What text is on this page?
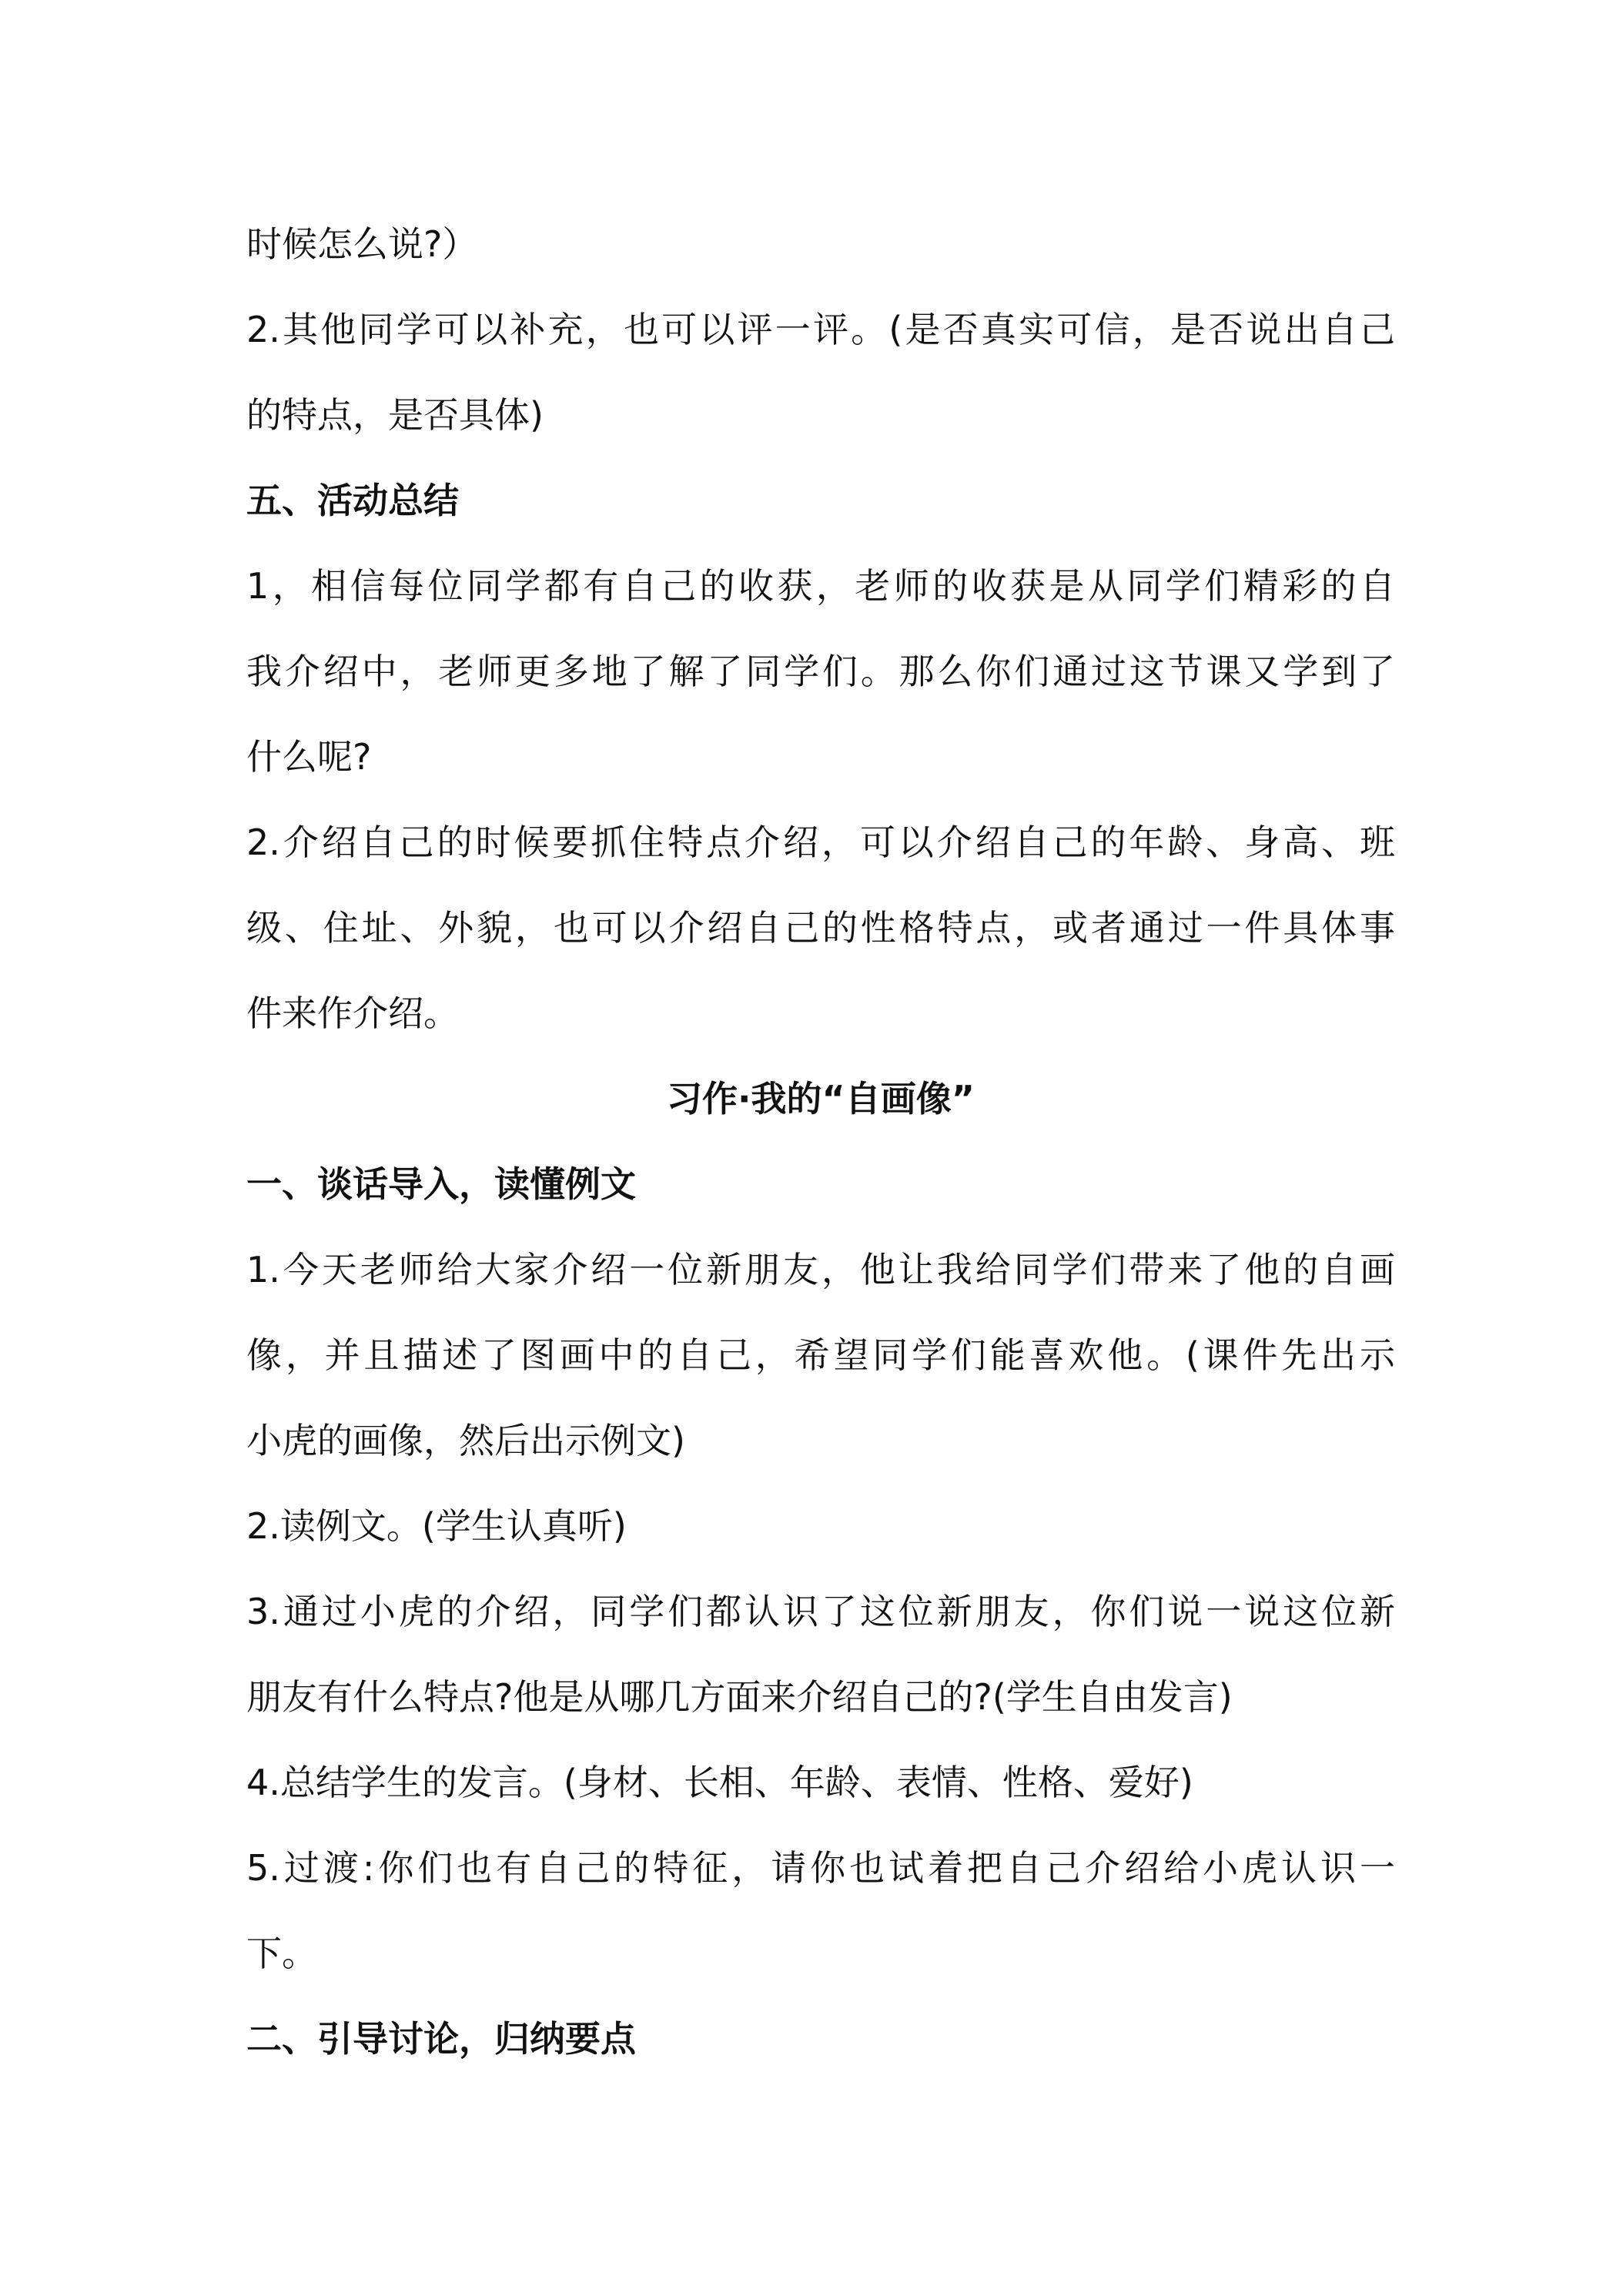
时候怎么说?）
2.其他同学可以补充，也可以评一评。(是否真实可信，是否说出自己
的特点，是否具体)
五、活动总结
1，相信每位同学都有自己的收获，老师的收获是从同学们精彩的自
我介绍中，老师更多地了解了同学们。那么你们通过这节课又学到了
什么呢?
2.介绍自己的时候要抓住特点介绍，可以介绍自己的年龄、身高、班
级、住址、外貌，也可以介绍自己的性格特点，或者通过一件具体事
件来作介绍。
习作·我的“自画像”
一、谈话导入，读懂例文
1.今天老师给大家介绍一位新朋友，他让我给同学们带来了他的自画
像，并且描述了图画中的自己，希望同学们能喜欢他。(课件先出示
小虎的画像，然后出示例文)
2.读例文。(学生认真听)
3.通过小虎的介绍，同学们都认识了这位新朋友，你们说一说这位新
朋友有什么特点?他是从哪几方面来介绍自己的?(学生自由发言)
4.总结学生的发言。(身材、长相、年龄、表情、性格、爱好)
5.过渡:你们也有自己的特征，请你也试着把自己介绍给小虎认识一
下。
二、引导讨论，归纳要点
